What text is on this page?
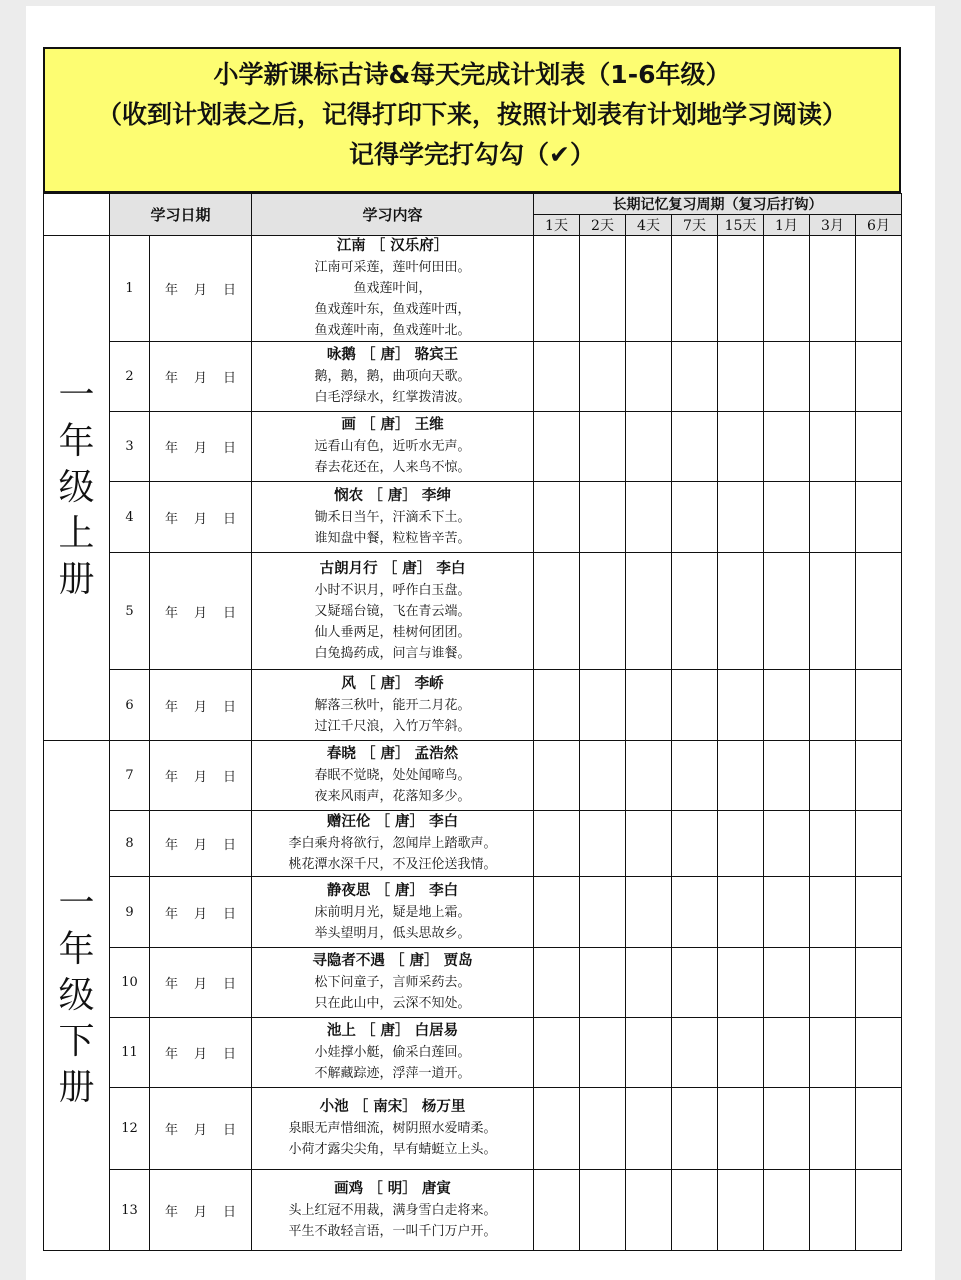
小学新课标古诗&每天完成计划表（1-6年级）
（收到计划表之后，记得打印下来，按照计划表有计划地学习阅读）
记得学完打勾勾（✔）
	学习日期		学习内容	长期记忆复习周期（复习后打钩）							
				1天	2天	4天	7天	15天	1月	3月	6月
一年级上册	1	年 月 日	江南 ［ 汉乐府］
江南可采莲，莲叶何田田。
鱼戏莲叶间，
鱼戏莲叶东，鱼戏莲叶西，
鱼戏莲叶南，鱼戏莲叶北。								

	2	年 月 日	咏鹅 ［ 唐］ 骆宾王
鹅，鹅，鹅，曲项向天歌。
白毛浮绿水，红掌拨清波。								

	3	年 月 日	画 ［ 唐］ 王维
远看山有色，近听水无声。
春去花还在，人来鸟不惊。								

	4	年 月 日	悯农 ［ 唐］ 李绅
锄禾日当午，汗滴禾下土。
谁知盘中餐，粒粒皆辛苦。								

	5	年 月 日	古朗月行 ［ 唐］ 李白
小时不识月，呼作白玉盘。
又疑瑶台镜，飞在青云端。
仙人垂两足，桂树何团团。
白兔捣药成，问言与谁餐。								

	6	年 月 日	风 ［ 唐］ 李峤
解落三秋叶，能开二月花。
过江千尺浪，入竹万竿斜。								

一年级下册	7	年 月 日	春晓 ［ 唐］ 孟浩然
春眠不觉晓，处处闻啼鸟。
夜来风雨声，花落知多少。								

	8	年 月 日	赠汪伦 ［ 唐］ 李白
李白乘舟将欲行，忽闻岸上踏歌声。
桃花潭水深千尺，不及汪伦送我情。								

	9	年 月 日	静夜思 ［ 唐］ 李白
床前明月光，疑是地上霜。
举头望明月，低头思故乡。								

	10	年 月 日	寻隐者不遇 ［ 唐］ 贾岛
松下问童子，言师采药去。
只在此山中，云深不知处。								

	11	年 月 日	池上 ［ 唐］ 白居易
小娃撑小艇，偷采白莲回。
不解藏踪迹，浮萍一道开。								

	12	年 月 日	小池 ［ 南宋］ 杨万里
泉眼无声惜细流，树阴照水爱晴柔。
小荷才露尖尖角，早有蜻蜓立上头。								

	13	年 月 日	画鸡 ［ 明］ 唐寅
头上红冠不用裁，满身雪白走将来。
平生不敢轻言语，一叫千门万户开。								
